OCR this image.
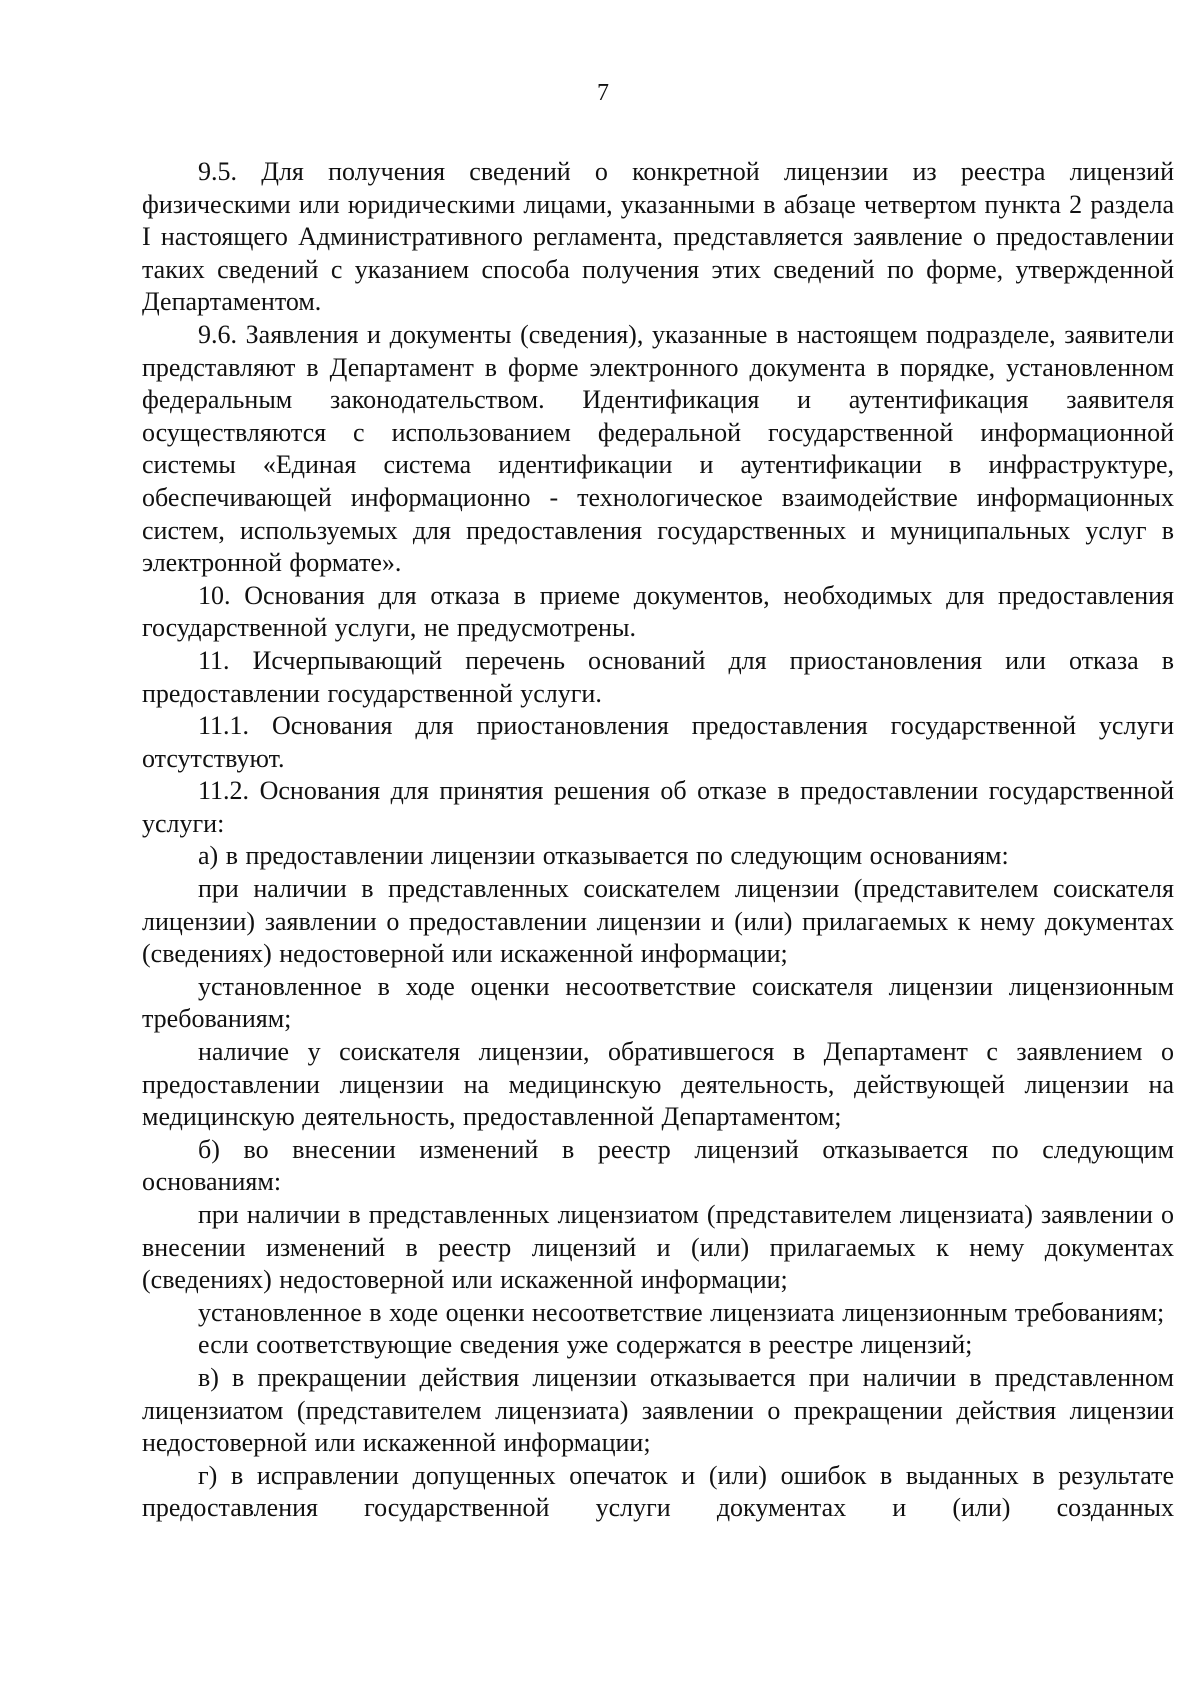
7

9.5. Для получения сведений о конкретной лицензии из реестра лицензий физическими или юридическими лицами, указанными в абзаце четвертом пункта 2 раздела I настоящего Административного регламента, представляется заявление о предоставлении таких сведений с указанием способа получения этих сведений по форме, утвержденной Департаментом.

9.6. Заявления и документы (сведения), указанные в настоящем подразделе, заявители представляют в Департамент в форме электронного документа в порядке, установленном федеральным законодательством. Идентификация и аутентификация заявителя осуществляются с использованием федеральной государственной информационной системы «Единая система идентификации и аутентификации в инфраструктуре, обеспечивающей информационно - технологическое взаимодействие информационных систем, используемых для предоставления государственных и муниципальных услуг в электронной формате».

10. Основания для отказа в приеме документов, необходимых для предоставления государственной услуги, не предусмотрены.

11. Исчерпывающий перечень оснований для приостановления или отказа в предоставлении государственной услуги.

11.1. Основания для приостановления предоставления государственной услуги отсутствуют.

11.2. Основания для принятия решения об отказе в предоставлении государственной услуги:

а) в предоставлении лицензии отказывается по следующим основаниям:

при наличии в представленных соискателем лицензии (представителем соискателя лицензии) заявлении о предоставлении лицензии и (или) прилагаемых к нему документах (сведениях) недостоверной или искаженной информации;

установленное в ходе оценки несоответствие соискателя лицензии лицензионным требованиям;

наличие у соискателя лицензии, обратившегося в Департамент с заявлением о предоставлении лицензии на медицинскую деятельность, действующей лицензии на медицинскую деятельность, предоставленной Департаментом;

б) во внесении изменений в реестр лицензий отказывается по следующим основаниям:

при наличии в представленных лицензиатом (представителем лицензиата) заявлении о внесении изменений в реестр лицензий и (или) прилагаемых к нему документах (сведениях) недостоверной или искаженной информации;

установленное в ходе оценки несоответствие лицензиата лицензионным требованиям;

если соответствующие сведения уже содержатся в реестре лицензий;

в) в прекращении действия лицензии отказывается при наличии в представленном лицензиатом (представителем лицензиата) заявлении о прекращении действия лицензии недостоверной или искаженной информации;

г) в исправлении допущенных опечаток и (или) ошибок в выданных в результате предоставления государственной услуги документах и (или) созданных
